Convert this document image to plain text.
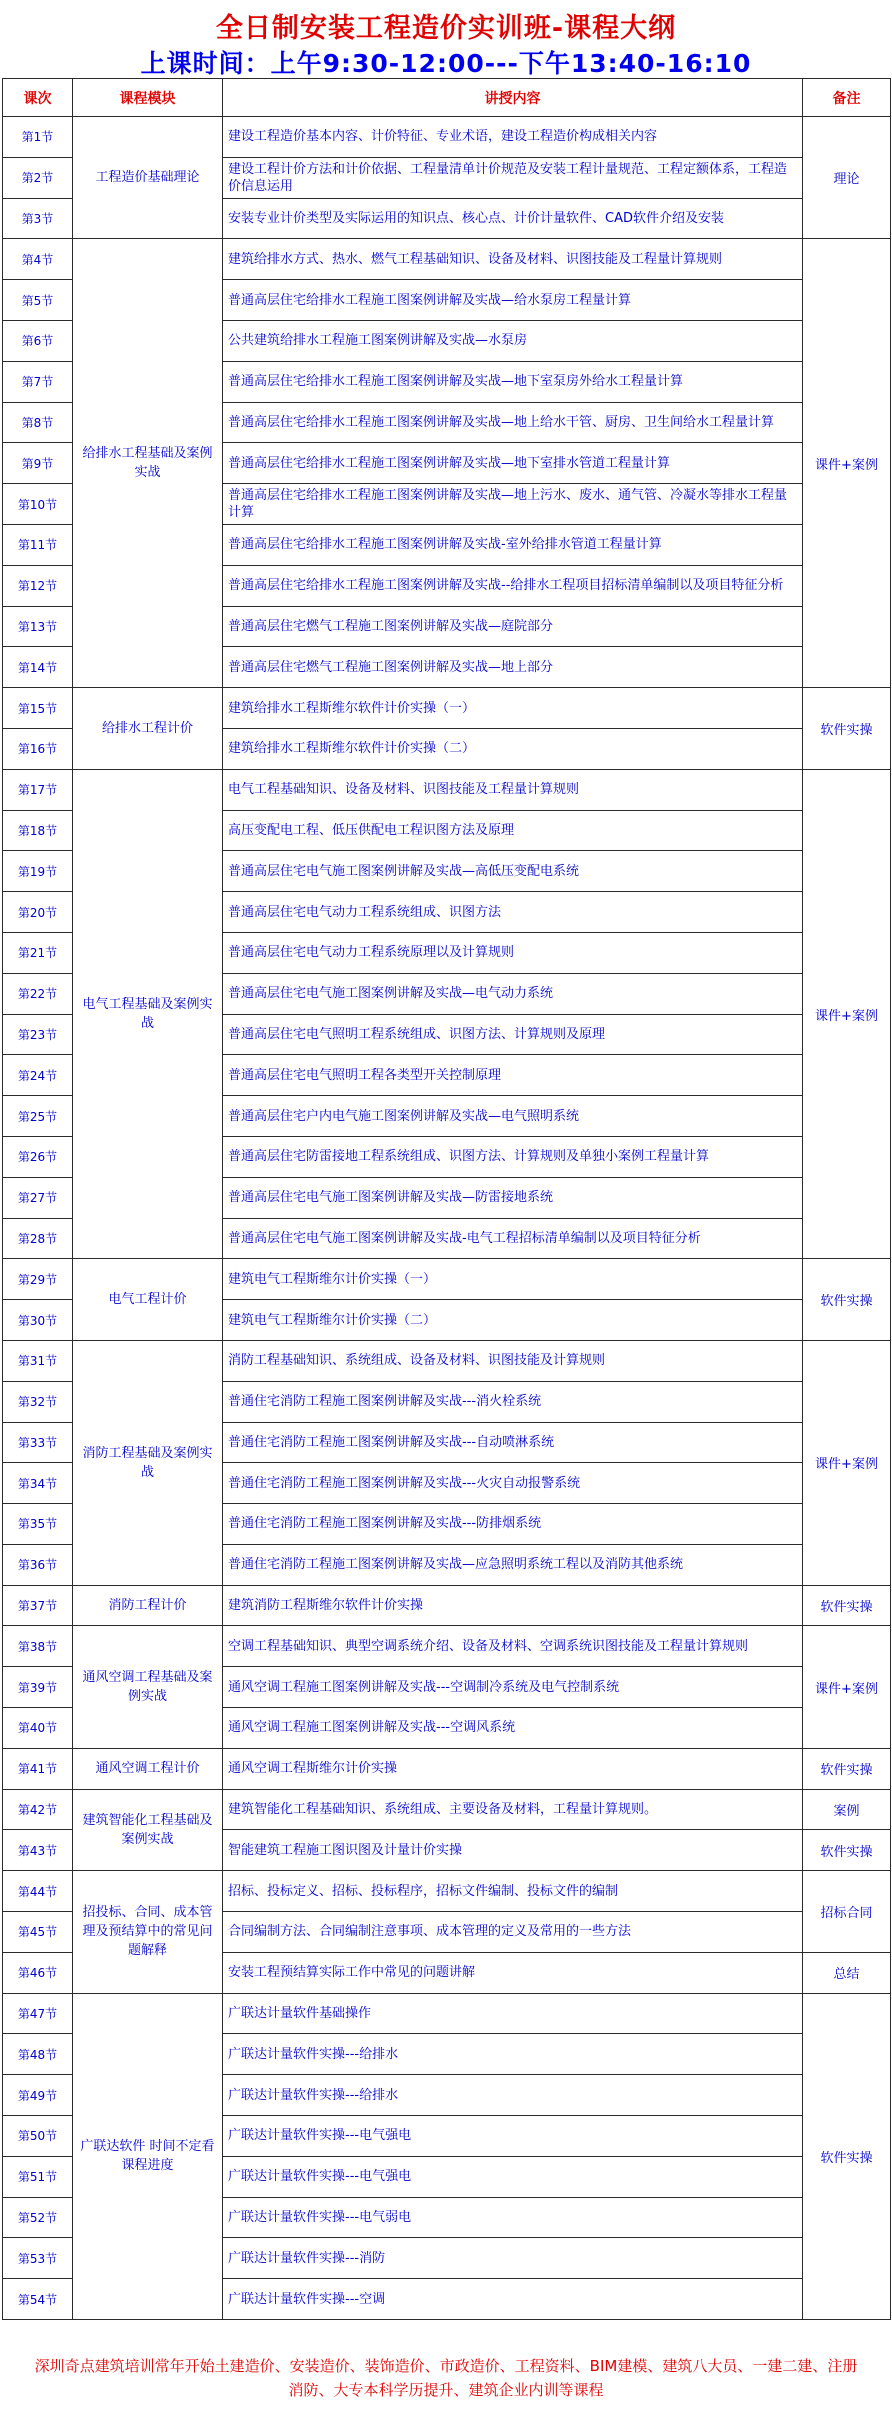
全日制安装工程造价实训班-课程大纲
上课时间：上午9:30-12:00---下午13:40-16:10
课次	课程模块	讲授内容	备注
第1节	工程造价基础理论	建设工程造价基本内容、计价特征、专业术语，建设工程造价构成相关内容	理论
第2节		建设工程计价方法和计价依据、工程量清单计价规范及安装工程计量规范、工程定额体系，工程造价信息运用	
第3节		安装专业计价类型及实际运用的知识点、核心点、计价计量软件、CAD软件介绍及安装	
第4节	给排水工程基础及案例实战	建筑给排水方式、热水、燃气工程基础知识、设备及材料、识图技能及工程量计算规则	课件+案例
第5节		普通高层住宅给排水工程施工图案例讲解及实战—给水泵房工程量计算	
第6节		公共建筑给排水工程施工图案例讲解及实战—水泵房	
第7节		普通高层住宅给排水工程施工图案例讲解及实战—地下室泵房外给水工程量计算	
第8节		普通高层住宅给排水工程施工图案例讲解及实战—地上给水干管、厨房、卫生间给水工程量计算	
第9节		普通高层住宅给排水工程施工图案例讲解及实战—地下室排水管道工程量计算	
第10节		普通高层住宅给排水工程施工图案例讲解及实战—地上污水、废水、通气管、冷凝水等排水工程量计算	
第11节		普通高层住宅给排水工程施工图案例讲解及实战-室外给排水管道工程量计算	
第12节		普通高层住宅给排水工程施工图案例讲解及实战--给排水工程项目招标清单编制以及项目特征分析	
第13节		普通高层住宅燃气工程施工图案例讲解及实战—庭院部分	
第14节		普通高层住宅燃气工程施工图案例讲解及实战—地上部分	
第15节	给排水工程计价	建筑给排水工程斯维尔软件计价实操（一）	软件实操
第16节		建筑给排水工程斯维尔软件计价实操（二）	
第17节	电气工程基础及案例实战	电气工程基础知识、设备及材料、识图技能及工程量计算规则	课件+案例
第18节		高压变配电工程、低压供配电工程识图方法及原理	
第19节		普通高层住宅电气施工图案例讲解及实战—高低压变配电系统	
第20节		普通高层住宅电气动力工程系统组成、识图方法	
第21节		普通高层住宅电气动力工程系统原理以及计算规则	
第22节		普通高层住宅电气施工图案例讲解及实战—电气动力系统	
第23节		普通高层住宅电气照明工程系统组成、识图方法、计算规则及原理	
第24节		普通高层住宅电气照明工程各类型开关控制原理	
第25节		普通高层住宅户内电气施工图案例讲解及实战—电气照明系统	
第26节		普通高层住宅防雷接地工程系统组成、识图方法、计算规则及单独小案例工程量计算	
第27节		普通高层住宅电气施工图案例讲解及实战—防雷接地系统	
第28节		普通高层住宅电气施工图案例讲解及实战-电气工程招标清单编制以及项目特征分析	
第29节	电气工程计价	建筑电气工程斯维尔计价实操（一）	软件实操
第30节		建筑电气工程斯维尔计价实操（二）	
第31节	消防工程基础及案例实战	消防工程基础知识、系统组成、设备及材料、识图技能及计算规则	课件+案例
第32节		普通住宅消防工程施工图案例讲解及实战---消火栓系统	
第33节		普通住宅消防工程施工图案例讲解及实战---自动喷淋系统	
第34节		普通住宅消防工程施工图案例讲解及实战---火灾自动报警系统	
第35节		普通住宅消防工程施工图案例讲解及实战---防排烟系统	
第36节		普通住宅消防工程施工图案例讲解及实战—应急照明系统工程以及消防其他系统	
第37节	消防工程计价	建筑消防工程斯维尔软件计价实操	软件实操
第38节	通风空调工程基础及案例实战	空调工程基础知识、典型空调系统介绍、设备及材料、空调系统识图技能及工程量计算规则	课件+案例
第39节		通风空调工程施工图案例讲解及实战---空调制冷系统及电气控制系统	
第40节		通风空调工程施工图案例讲解及实战---空调风系统	
第41节	通风空调工程计价	通风空调工程斯维尔计价实操	软件实操
第42节	建筑智能化工程基础及案例实战	建筑智能化工程基础知识、系统组成、主要设备及材料，工程量计算规则。	案例
第43节		智能建筑工程施工图识图及计量计价实操	软件实操
第44节	招投标、合同、成本管理及预结算中的常见问题解释	招标、投标定义、招标、投标程序，招标文件编制、投标文件的编制	招标合同
第45节		合同编制方法、合同编制注意事项、成本管理的定义及常用的一些方法	
第46节		安装工程预结算实际工作中常见的问题讲解	总结
第47节	广联达软件 时间不定看课程进度	广联达计量软件基础操作	软件实操
第48节		广联达计量软件实操---给排水	
第49节		广联达计量软件实操---给排水	
第50节		广联达计量软件实操---电气强电	
第51节		广联达计量软件实操---电气强电	
第52节		广联达计量软件实操---电气弱电	
第53节		广联达计量软件实操---消防	
第54节		广联达计量软件实操---空调	
深圳奇点建筑培训常年开始土建造价、安装造价、装饰造价、市政造价、工程资料、BIM建模、建筑八大员、一建二建、注册
消防、大专本科学历提升、建筑企业内训等课程
